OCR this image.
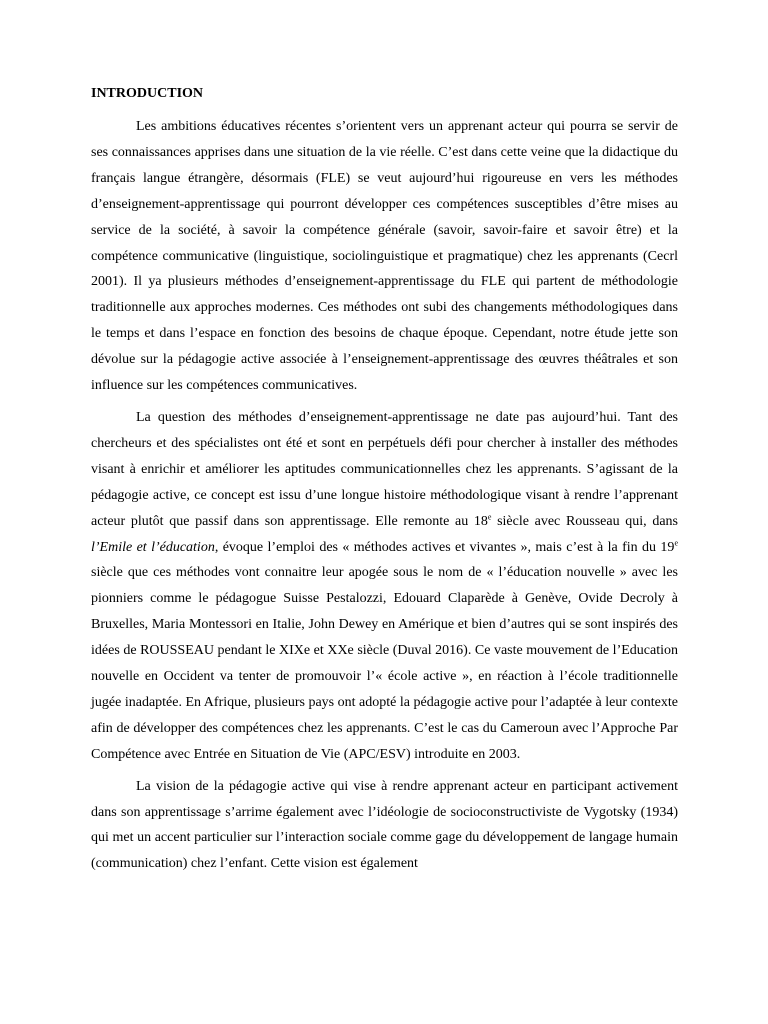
INTRODUCTION

Les ambitions éducatives récentes s’orientent vers un apprenant acteur qui pourra se servir de ses connaissances apprises dans une situation de la vie réelle. C’est dans cette veine que la didactique du français langue étrangère, désormais (FLE) se veut aujourd’hui rigoureuse en vers les méthodes d’enseignement-apprentissage qui pourront développer ces compétences susceptibles d’être mises au service de la société, à savoir la compétence générale (savoir, savoir-faire et savoir être) et la compétence communicative (linguistique, sociolinguistique et pragmatique) chez les apprenants (Cecrl 2001). Il ya plusieurs méthodes d’enseignement-apprentissage du FLE qui partent de méthodologie traditionnelle aux approches modernes. Ces méthodes ont subi des changements méthodologiques dans le temps et dans l’espace en fonction des besoins de chaque époque. Cependant, notre étude jette son dévolue sur la pédagogie active associée à l’enseignement-apprentissage des œuvres théâtrales et son influence sur les compétences communicatives.

La question des méthodes d’enseignement-apprentissage ne date pas aujourd’hui. Tant des chercheurs et des spécialistes ont été et sont en perpétuels défi pour chercher à installer des méthodes visant à enrichir et améliorer les aptitudes communicationnelles chez les apprenants. S’agissant de la pédagogie active, ce concept est issu d’une longue histoire méthodologique visant à rendre l’apprenant acteur plutôt que passif dans son apprentissage. Elle remonte au 18e siècle avec Rousseau qui, dans l’Emile et l’éducation, évoque l’emploi des « méthodes actives et vivantes », mais c’est à la fin du 19e siècle que ces méthodes vont connaitre leur apogée sous le nom de « l’éducation nouvelle » avec les pionniers comme le pédagogue Suisse Pestalozzi, Edouard Claparède à Genève, Ovide Decroly à Bruxelles, Maria Montessori en Italie, John Dewey en Amérique et bien d’autres qui se sont inspirés des idées de ROUSSEAU pendant le XIXe et XXe siècle (Duval 2016). Ce vaste mouvement de l’Education nouvelle en Occident va tenter de promouvoir l’« école active », en réaction à l’école traditionnelle jugée inadaptée. En Afrique, plusieurs pays ont adopté la pédagogie active pour l’adaptée à leur contexte afin de développer des compétences chez les apprenants. C’est le cas du Cameroun avec l’Approche Par Compétence avec Entrée en Situation de Vie (APC/ESV) introduite en 2003.

La vision de la pédagogie active qui vise à rendre apprenant acteur en participant activement dans son apprentissage s’arrime également avec l’idéologie de socioconstructiviste de Vygotsky (1934) qui met un accent particulier sur l’interaction sociale comme gage du développement de langage humain (communication) chez l’enfant. Cette vision est également
